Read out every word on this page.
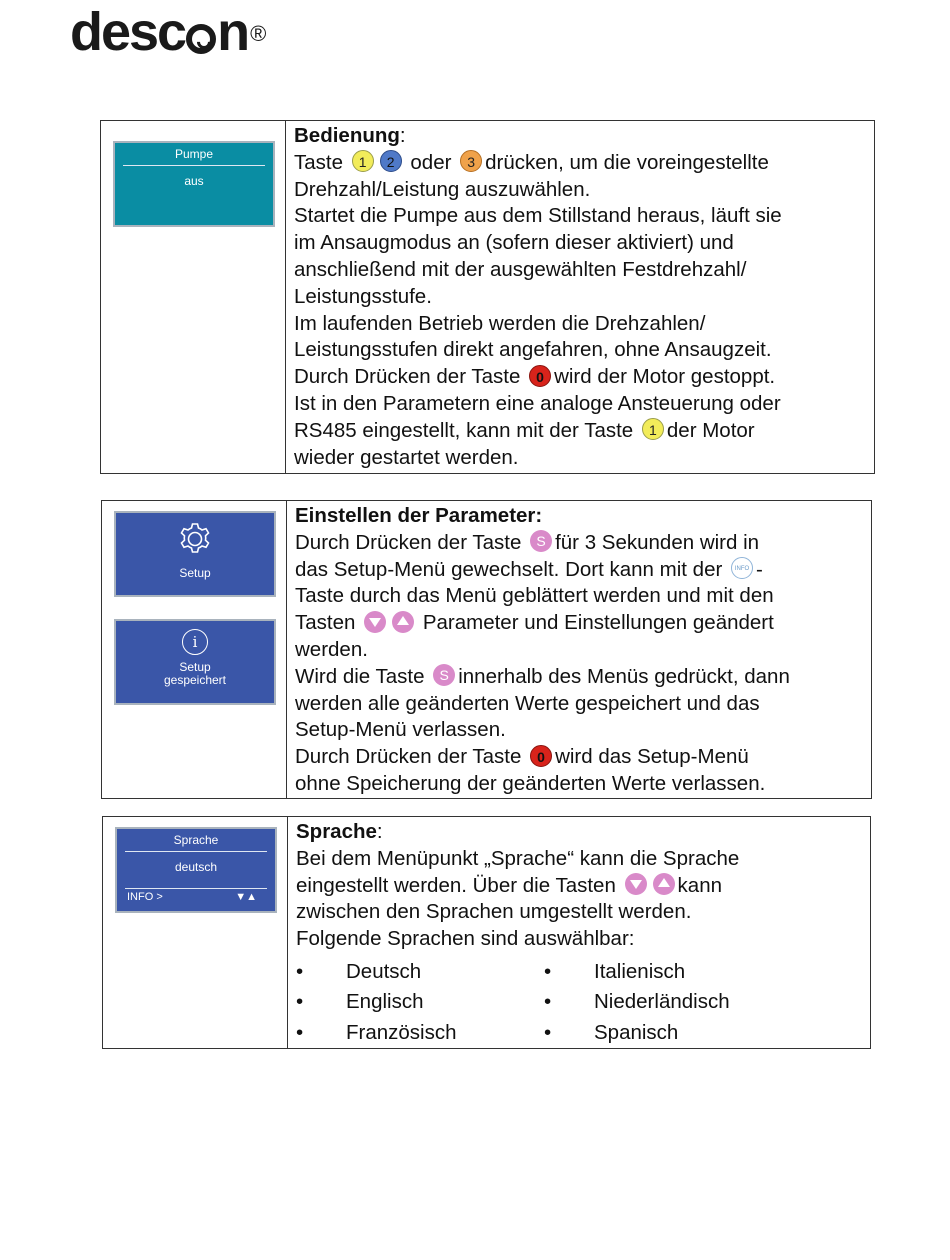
desc n®
Pumpe
aus

Bedienung:
Taste 1 2 oder 3 drücken, um die voreingestellte
Drehzahl/Leistung auszuwählen.
Startet die Pumpe aus dem Stillstand heraus, läuft sie
im Ansaugmodus an (sofern dieser aktiviert) und
anschließend mit der ausgewählten Festdrehzahl/
Leistungsstufe.
Im laufenden Betrieb werden die Drehzahlen/
Leistungsstufen direkt angefahren, ohne Ansaugzeit.
Durch Drücken der Taste 0 wird der Motor gestoppt.
Ist in den Parametern eine analoge Ansteuerung oder
RS485 eingestellt, kann mit der Taste 1 der Motor
wieder gestartet werden.
Setup
i
Setup
gespeichert

Einstellen der Parameter:
Durch Drücken der Taste S für 3 Sekunden wird in
das Setup-Menü gewechselt. Dort kann mit der INFO -
Taste durch das Menü geblättert werden und mit den
Tasten	Parameter und Einstellungen geändert
werden.
Wird die Taste S innerhalb des Menüs gedrückt, dann
werden alle geänderten Werte gespeichert und das
Setup-Menü verlassen.
Durch Drücken der Taste 0 wird das Setup-Menü
ohne Speicherung der geänderten Werte verlassen.
Sprache
deutsch
INFO >	▼▲

Sprache:
Bei dem Menüpunkt „Sprache“ kann die Sprache
eingestellt werden. Über die Tasten	kann
zwischen den Sprachen umgestellt werden.
Folgende Sprachen sind auswählbar:
•	Deutsch	•	Italienisch
•	Englisch	•	Niederländisch
•	Französisch	•	Spanisch
